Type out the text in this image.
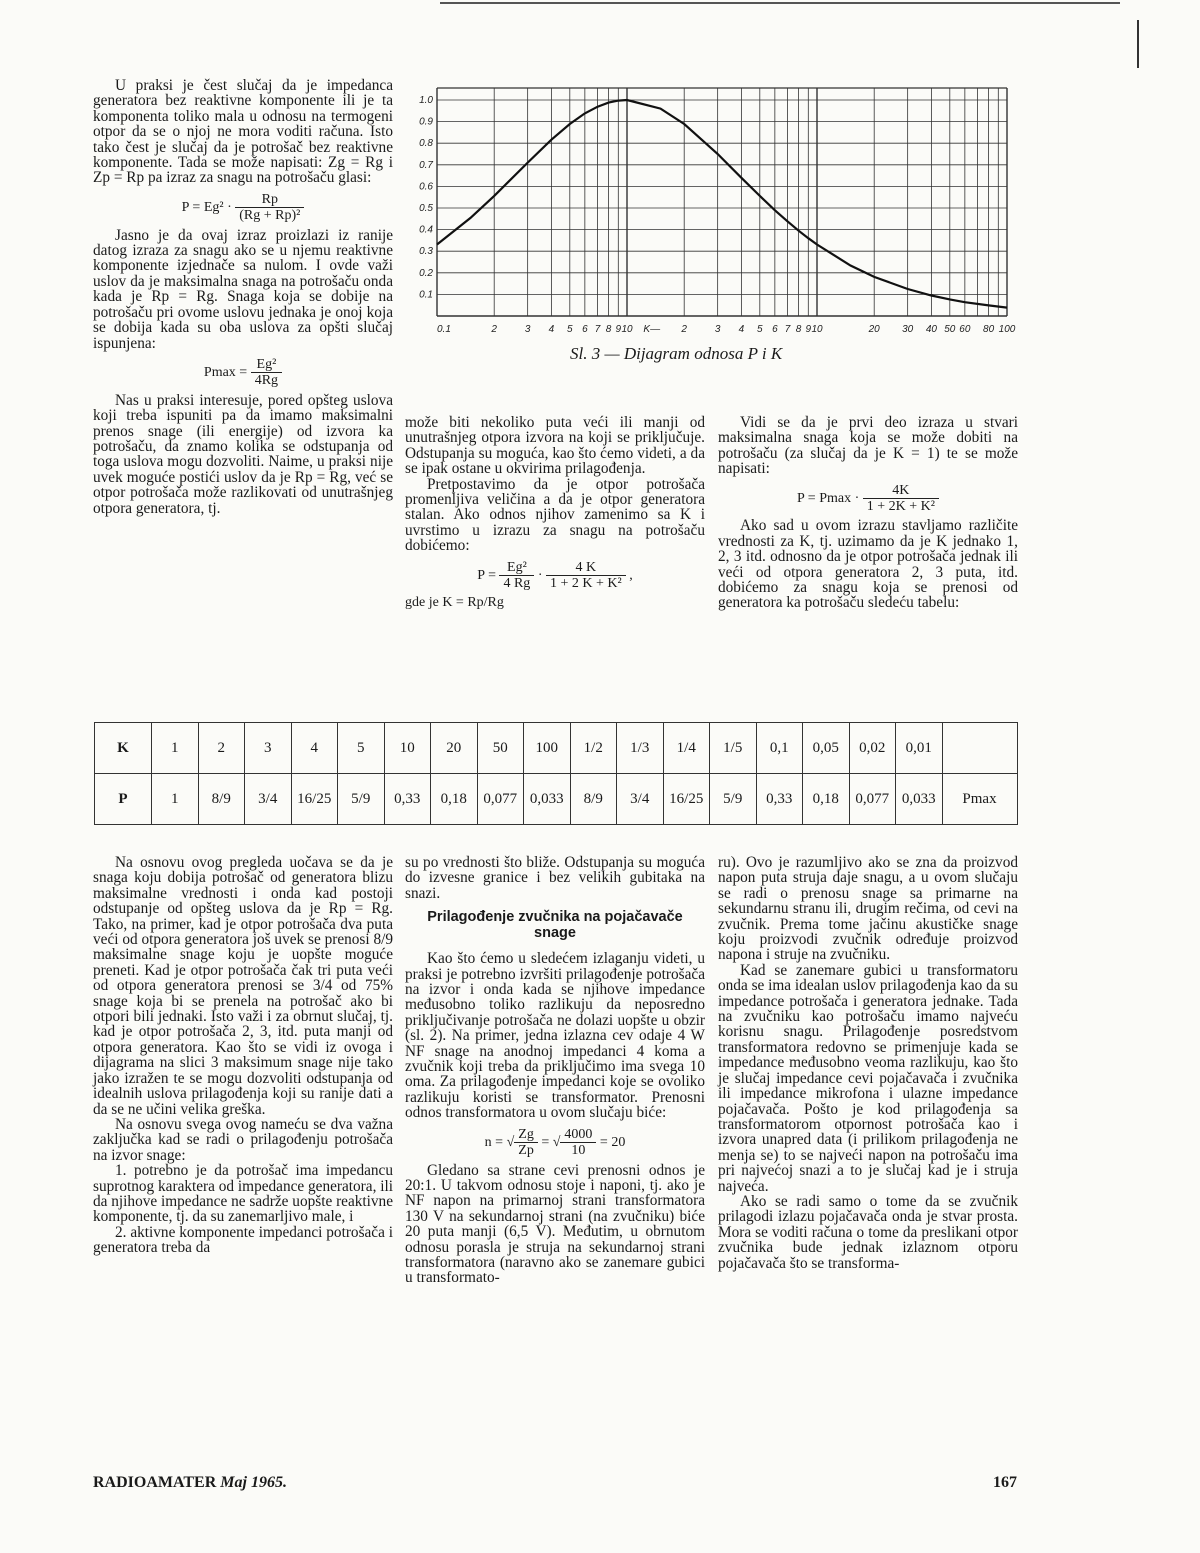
U praksi je čest slučaj da je impedanca generatora bez reaktivne komponente ili je ta komponenta toliko mala u odnosu na termogeni otpor da se o njoj ne mora voditi računa. Isto tako čest je slučaj da je potrošač bez reaktivne komponente. Tada se može napisati: Zg = Rg i Zp = Rp pa izraz za snagu na potrošaču glasi:

$P = Eg^2 \cdot \frac{Rp}{\text{(Rg + Rp)²}}$

Jasno je da ovaj izraz proizlazi iz ranije datog izraza za snagu ako se u njemu reaktivne komponente izjednače sa nulom. I ovde važi uslov da je maksimalna snaga na potrošaču onda kada je Rp = Rg. Snaga koja se dobije na potrošaču pri ovome uslovu jednaka je onoj koja se dobija kada su oba uslova za opšti slučaj ispunjena:

$Pmax = \frac{\text{Eg²}}{4Rg}$

Nas u praksi interesuje, pored opšteg uslova koji treba ispuniti pa da imamo maksimalni prenos snage (ili energije) od izvora ka potrošaču, da znamo kolika se odstupanja od toga uslova mogu dozvoliti. Naime, u praksi nije uvek moguće postići uslov da je Rp = Rg, već se otpor potrošača može razlikovati od unutrašnjeg otpora generatora, tj.

1.0
0.9
0.8
0.7
0.6
0.5
0.4
0.3
0.2
0.1
0.1	2	3 4 5 6 7 8 9 10 K— 2	3 4 5 6 7 8 9 10	20 30 40 50 60 80 100
Sl. 3 — Dijagram odnosa P i K

može biti nekoliko puta veći ili manji od unutrašnjeg otpora izvora na koji se priključuje. Odstupanja su moguća, kao što ćemo videti, a da se ipak ostane u okvirima prilagođenja.

Pretpostavimo da je otpor potrošača promenljiva veličina a da je otpor generatora stalan. Ako odnos njihov zamenimo sa K i uvrstimo u izrazu za snagu na potrošaču dobićemo:

$P = \frac{\text{Eg²}}{4 Rg} \cdot \frac{4 K}{\text{1 + 2 K + K²}}$ ,

gde je K = Rp/Rg

Vidi se da je prvi deo izraza u stvari maksimalna snaga koja se može dobiti na potrošaču (za slučaj da je K = 1) te se može napisati:

$P = Pmax \cdot \frac{4K}{\text{1 + 2K + K²}}$

Ako sad u ovom izrazu stavljamo različite vrednosti za K, tj. uzimamo da je K jednako 1, 2, 3 itd. odnosno da je otpor potrošača jednak ili veći od otpora generatora 2, 3 puta, itd. dobićemo za snagu koja se prenosi od generatora ka potrošaču sledeću tabelu:

K	1	2	3	4	5	10	20	50	100	1/2	1/3	1/4	1/5	0,1	0,05	0,02	0,01	
P	1	8/9	3/4	16/25	5/9	0,33	0,18	0,077	0,033	8/9	3/4	16/25	5/9	0,33	0,18	0,077	0,033	Pmax

Na osnovu ovog pregleda uočava se da je snaga koju dobija potrošač od generatora blizu maksimalne vrednosti i onda kad postoji odstupanje od opšteg uslova da je Rp = Rg. Tako, na primer, kad je otpor potrošača dva puta veći od otpora generatora još uvek se prenosi 8/9 maksimalne snage koju je uopšte moguće preneti. Kad je otpor potrošača čak tri puta veći od otpora generatora prenosi se 3/4 od 75% snage koja bi se prenela na potrošač ako bi otpori bili jednaki. Isto važi i za obrnut slučaj, tj. kad je otpor potrošača 2, 3, itd. puta manji od otpora generatora. Kao što se vidi iz ovoga i dijagrama na slici 3 maksimum snage nije tako jako izražen te se mogu dozvoliti odstupanja od idealnih uslova prilagođenja koji su ranije dati a da se ne učini velika greška.

Na osnovu svega ovog nameću se dva važna zaključka kad se radi o prilagođenju potrošača na izvor snage:

1. potrebno je da potrošač ima impedancu suprotnog karaktera od impedance generatora, ili da njihove impedance ne sadrže uopšte reaktivne komponente, tj. da su zanemarljivo male, i

2. aktivne komponente impedanci potrošača i generatora treba da

su po vrednosti što bliže. Odstupanja su moguća do izvesne granice i bez velikih gubitaka na snazi.

Prilagođenje zvučnika na pojačavače snage

Kao što ćemo u sledećem izlaganju videti, u praksi je potrebno izvršiti prilagođenje potrošača na izvor i onda kada se njihove impedance međusobno toliko razlikuju da neposredno priključivanje potrošača ne dolazi uopšte u obzir (sl. 2). Na primer, jedna izlazna cev odaje 4 W NF snage na anodnoj impedanci 4 koma a zvučnik koji treba da priključimo ima svega 10 oma. Za prilagođenje impedanci koje se ovoliko razlikuju koristi se transformator. Prenosni odnos transformatora u ovom slučaju biće:

n = √ $\frac{Zg}{Zp}$ = √ $\frac{4000}{10} = 20$

Gledano sa strane cevi prenosni odnos je 20:1. U takvom odnosu stoje i naponi, tj. ako je NF napon na primarnoj strani transformatora 130 V na sekundarnoj strani (na zvučniku) biće 20 puta manji (6,5 V). Međutim, u obrnutom odnosu porasla je struja na sekundarnoj strani transformatora (naravno ako se zanemare gubici u transformato-

ru). Ovo je razumljivo ako se zna da proizvod napon puta struja daje snagu, a u ovom slučaju se radi o prenosu snage sa primarne na sekundarnu stranu ili, drugim rečima, od cevi na zvučnik. Prema tome jačinu akustičke snage koju proizvodi zvučnik određuje proizvod napona i struje na zvučniku.

Kad se zanemare gubici u transformatoru onda se ima idealan uslov prilagođenja kao da su impedance potrošača i generatora jednake. Tada na zvučniku kao potrošaču imamo najveću korisnu snagu. Prilagođenje posredstvom transformatora redovno se primenjuje kada se impedance međusobno veoma razlikuju, kao što je slučaj impedance cevi pojačavača i zvučnika ili impedance mikrofona i ulazne impedance pojačavača. Pošto je kod prilagođenja sa transformatorom otpornost potrošača kao i izvora unapred data (i prilikom prilagođenja ne menja se) to se najveći napon na potrošaču ima pri najvećoj snazi a to je slučaj kad je i struja najveća.

Ako se radi samo o tome da se zvučnik prilagodi izlazu pojačavača onda je stvar prosta. Mora se voditi računa o tome da preslikani otpor zvučnika bude jednak izlaznom otporu pojačavača što se transforma-

RADIOAMATER Maj 1965.	167
